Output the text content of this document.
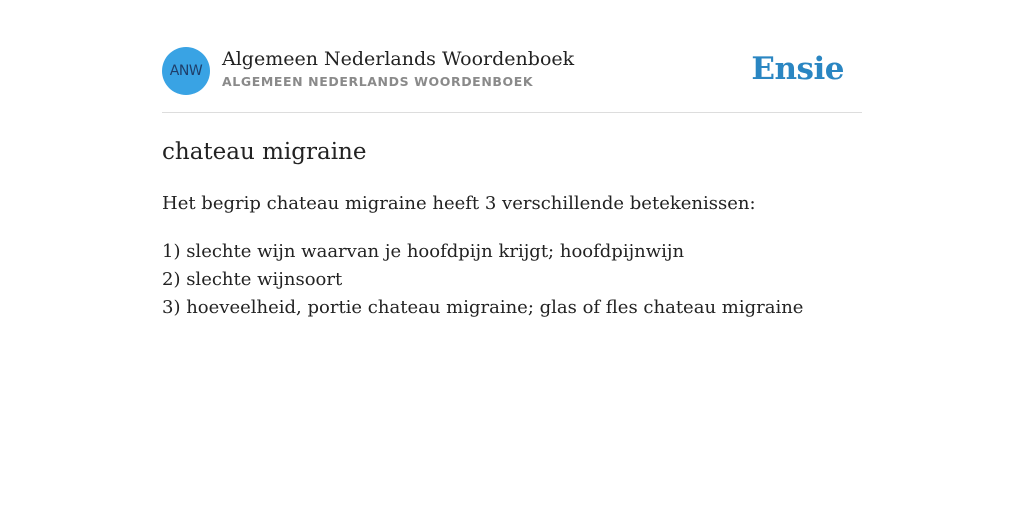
ANW
Algemeen Nederlands Woordenboek
ALGEMEEN NEDERLANDS WOORDENBOEK	Ensie
chateau migraine
Het begrip chateau migraine heeft 3 verschillende betekenissen:
1) slechte wijn waarvan je hoofdpijn krijgt; hoofdpijnwijn
2) slechte wijnsoort
3) hoeveelheid, portie chateau migraine; glas of fles chateau migraine
